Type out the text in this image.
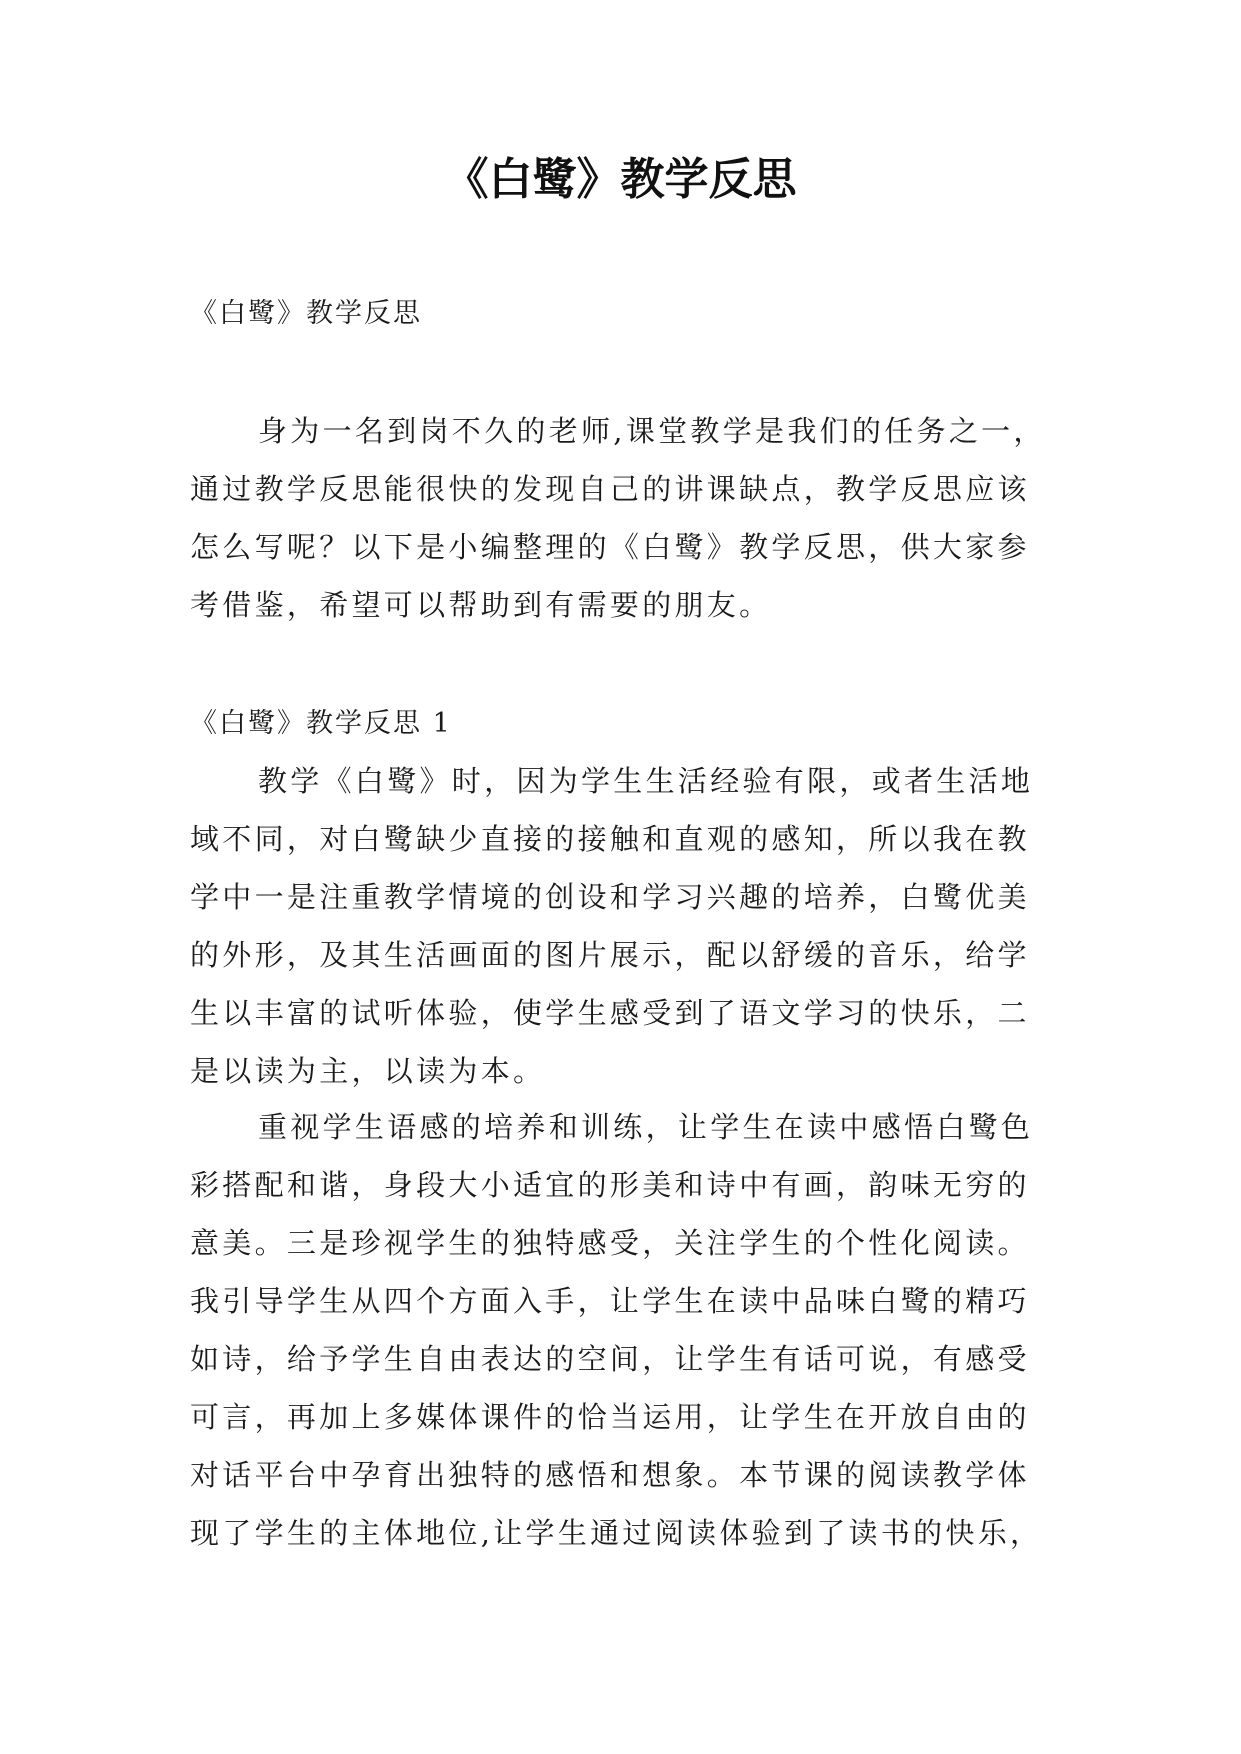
《白鹭》教学反思
《白鹭》教学反思
身为一名到岗不久的老师,课堂教学是我们的任务之一，
通过教学反思能很快的发现自己的讲课缺点，教学反思应该
怎么写呢？以下是小编整理的《白鹭》教学反思，供大家参
考借鉴，希望可以帮助到有需要的朋友。
《白鹭》教学反思 1
教学《白鹭》时，因为学生生活经验有限，或者生活地
域不同，对白鹭缺少直接的接触和直观的感知，所以我在教
学中一是注重教学情境的创设和学习兴趣的培养，白鹭优美
的外形，及其生活画面的图片展示，配以舒缓的音乐，给学
生以丰富的试听体验，使学生感受到了语文学习的快乐，二
是以读为主，以读为本。
重视学生语感的培养和训练，让学生在读中感悟白鹭色
彩搭配和谐，身段大小适宜的形美和诗中有画，韵味无穷的
意美。三是珍视学生的独特感受，关注学生的个性化阅读。
我引导学生从四个方面入手，让学生在读中品味白鹭的精巧
如诗，给予学生自由表达的空间，让学生有话可说，有感受
可言，再加上多媒体课件的恰当运用，让学生在开放自由的
对话平台中孕育出独特的感悟和想象。本节课的阅读教学体
现了学生的主体地位,让学生通过阅读体验到了读书的快乐，
